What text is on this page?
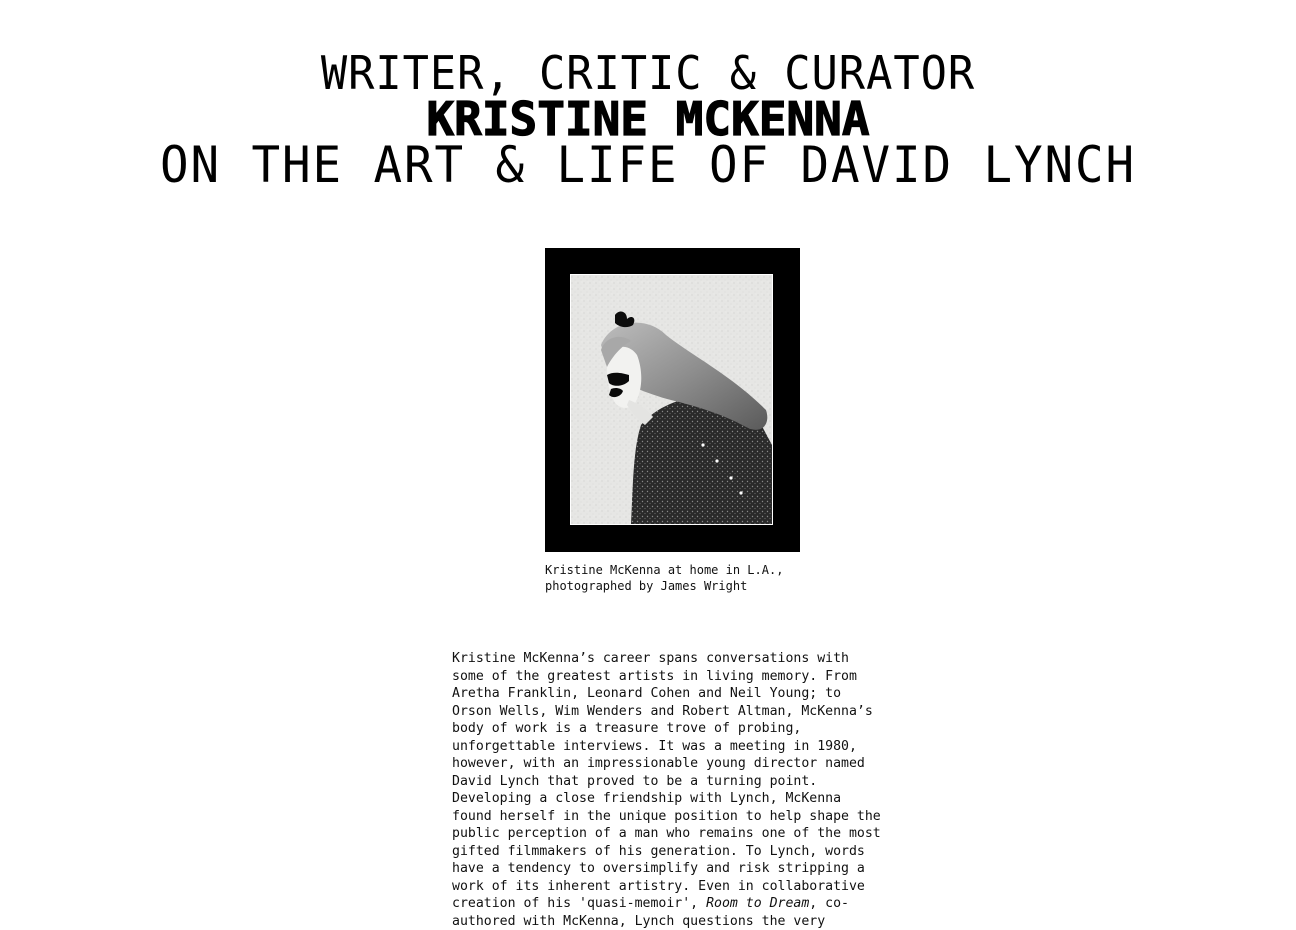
WRITER, CRITIC & CURATOR
KRISTINE MCKENNA
ON THE ART & LIFE OF DAVID LYNCH
Kristine McKenna at home in L.A.,
photographed by James Wright
Kristine McKenna’s career spans conversations with
some of the greatest artists in living memory. From
Aretha Franklin, Leonard Cohen and Neil Young; to
Orson Wells, Wim Wenders and Robert Altman, McKenna’s
body of work is a treasure trove of probing,
unforgettable interviews. It was a meeting in 1980,
however, with an impressionable young director named
David Lynch that proved to be a turning point.
Developing a close friendship with Lynch, McKenna
found herself in the unique position to help shape the
public perception of a man who remains one of the most
gifted filmmakers of his generation. To Lynch, words
have a tendency to oversimplify and risk stripping a
work of its inherent artistry. Even in collaborative
creation of his 'quasi-memoir', Room to Dream, co-
authored with McKenna, Lynch questions the very
